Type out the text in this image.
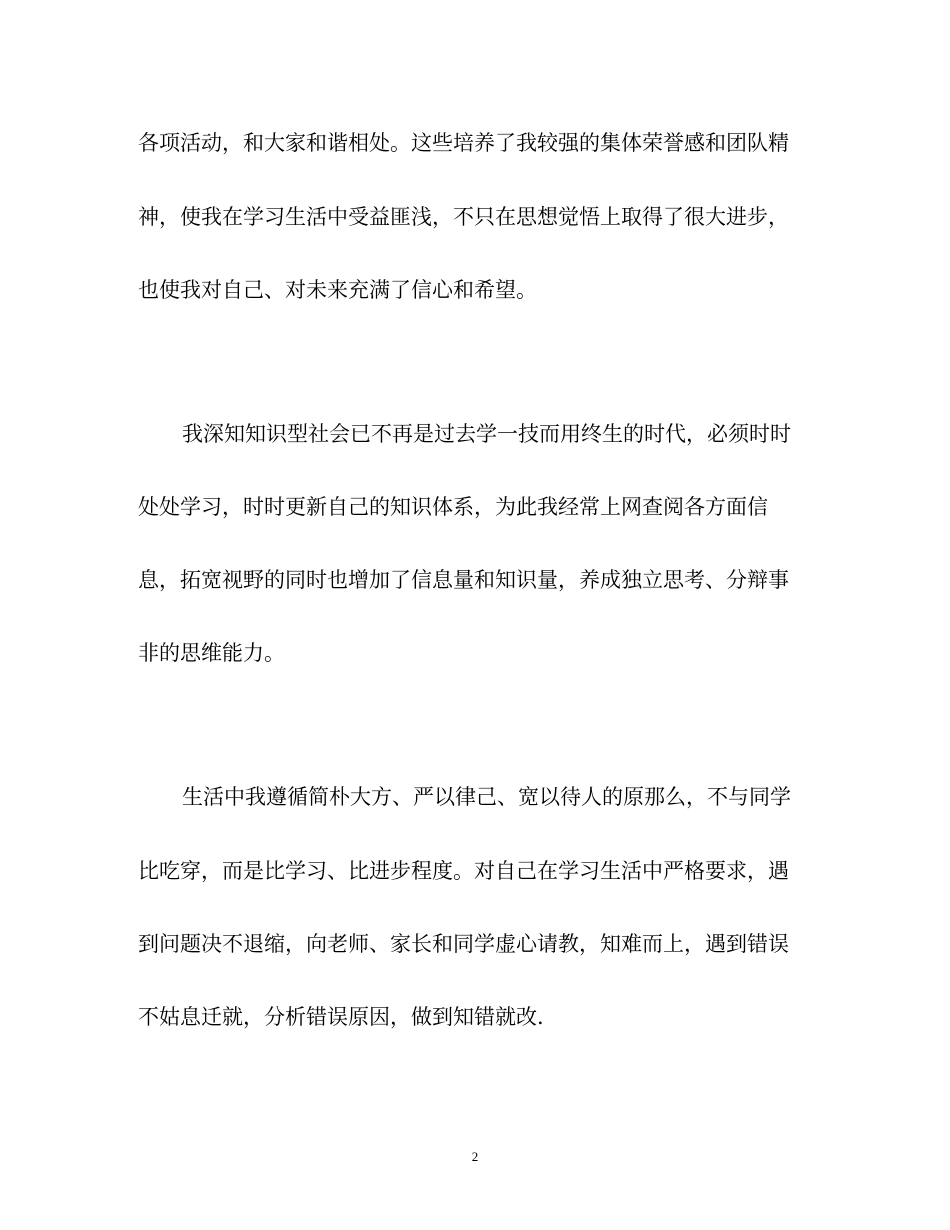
各项活动，和大家和谐相处。这些培养了我较强的集体荣誉感和团队精

神，使我在学习生活中受益匪浅，不只在思想觉悟上取得了很大进步，

也使我对自己、对未来充满了信心和希望。

我深知知识型社会已不再是过去学一技而用终生的时代，必须时时

处处学习，时时更新自己的知识体系，为此我经常上网查阅各方面信

息，拓宽视野的同时也增加了信息量和知识量，养成独立思考、分辩事

非的思维能力。

生活中我遵循简朴大方、严以律己、宽以待人的原那么，不与同学

比吃穿，而是比学习、比进步程度。对自己在学习生活中严格要求，遇

到问题决不退缩，向老师、家长和同学虚心请教，知难而上，遇到错误

不姑息迁就，分析错误原因，做到知错就改.

2
